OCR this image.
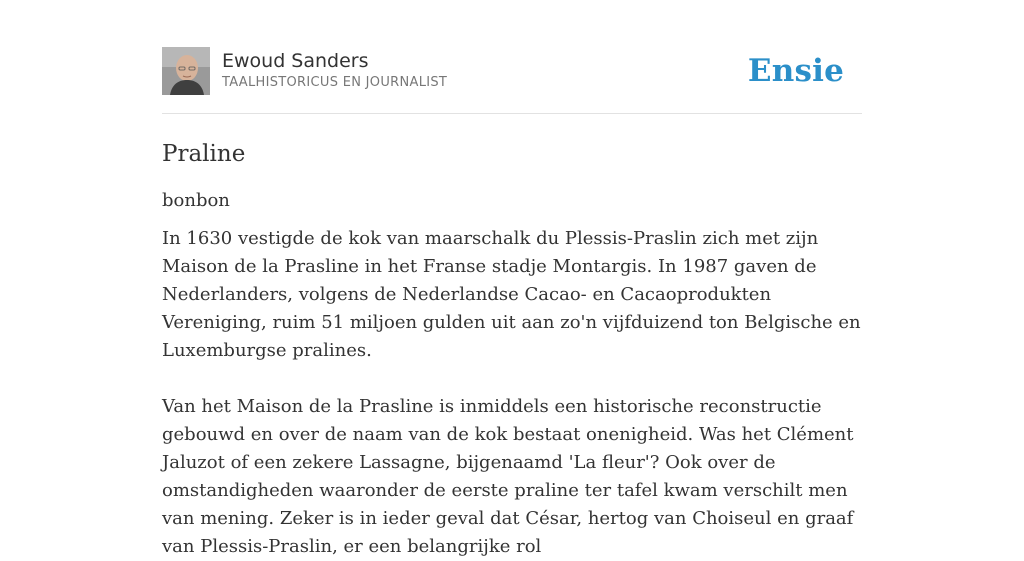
Ewoud Sanders
TAALHISTORICUS EN JOURNALIST	Ensie
Praline
bonbon

In 1630 vestigde de kok van maarschalk du Plessis-Praslin zich met zijn Maison de la Prasline in het Franse stadje Montargis. In 1987 gaven de Nederlanders, volgens de Nederlandse Cacao- en Cacaoprodukten Vereniging, ruim 51 miljoen gulden uit aan zo'n vijfduizend ton Belgische en Luxemburgse pralines.

Van het Maison de la Prasline is inmiddels een historische reconstructie gebouwd en over de naam van de kok bestaat onenigheid. Was het Clément Jaluzot of een zekere Lassagne, bijgenaamd 'La fleur'? Ook over de omstandigheden waaronder de eerste praline ter tafel kwam verschilt men van mening. Zeker is in ieder geval dat César, hertog van Choiseul en graaf van Plessis-Praslin, er een belangrijke rol
